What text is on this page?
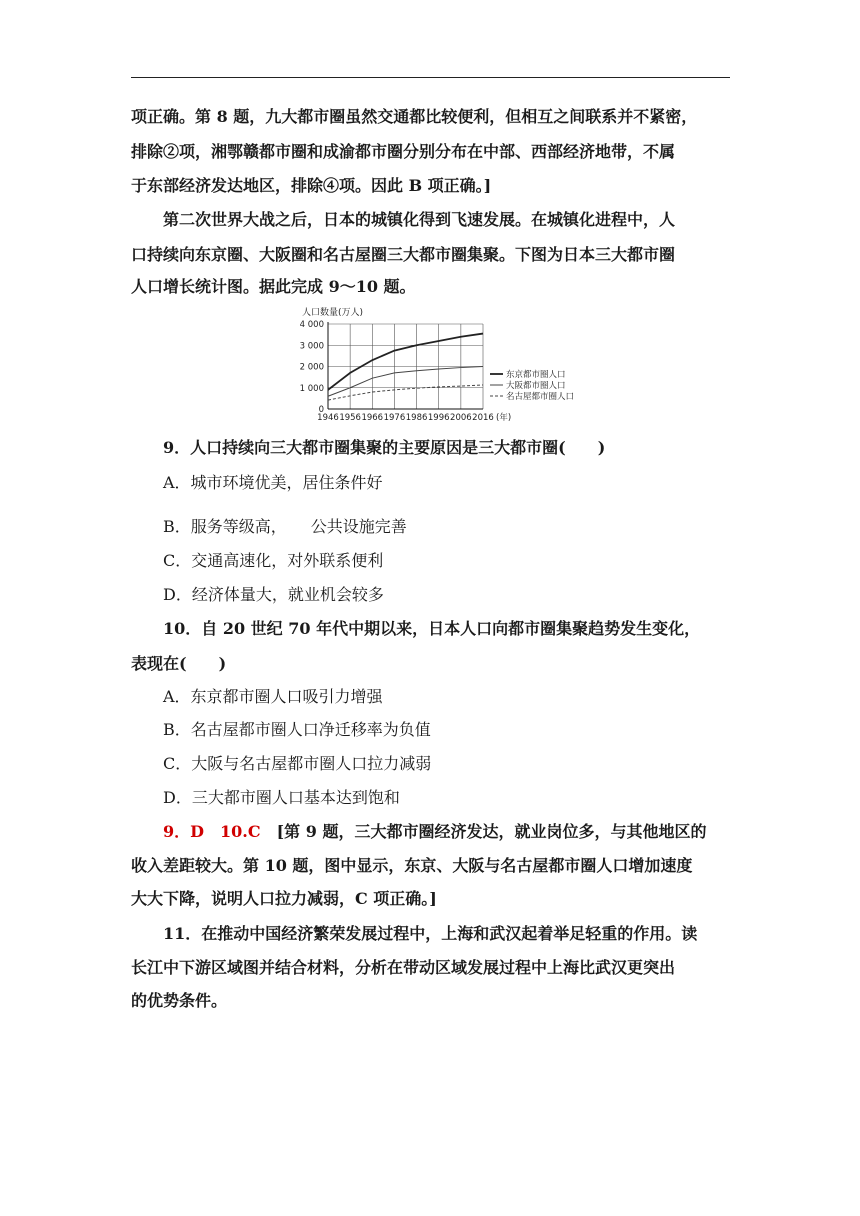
项正确。第 8 题，九大都市圈虽然交通都比较便利，但相互之间联系并不紧密，
排除②项，湘鄂赣都市圈和成渝都市圈分别分布在中部、西部经济地带，不属
于东部经济发达地区，排除④项。因此 B 项正确。]
第二次世界大战之后，日本的城镇化得到飞速发展。在城镇化进程中，人
口持续向东京圈、大阪圈和名古屋圈三大都市圈集聚。下图为日本三大都市圈
人口增长统计图。据此完成 9～10 题。
人口数量(万人)
0
1 000
2 000
3 000
4 000
1946 1956 1966 1976 1986 1996 2006 2016 (年)
东京都市圈人口
大阪都市圈人口
名古屋都市圈人口
9．人口持续向三大都市圈集聚的主要原因是三大都市圈(　　)
A．城市环境优美，居住条件好
B．服务等级高，　　公共设施完善
C．交通高速化，对外联系便利
D．经济体量大，就业机会较多
10．自 20 世纪 70 年代中期以来，日本人口向都市圈集聚趋势发生变化，
表现在(　　)
A．东京都市圈人口吸引力增强
B．名古屋都市圈人口净迁移率为负值
C．大阪与名古屋都市圈人口拉力减弱
D．三大都市圈人口基本达到饱和
9．D　10.C　[第 9 题，三大都市圈经济发达，就业岗位多，与其他地区的
收入差距较大。第 10 题，图中显示，东京、大阪与名古屋都市圈人口增加速度
大大下降，说明人口拉力减弱，C 项正确。]
11．在推动中国经济繁荣发展过程中，上海和武汉起着举足轻重的作用。读
长江中下游区域图并结合材料，分析在带动区域发展过程中上海比武汉更突出
的优势条件。
